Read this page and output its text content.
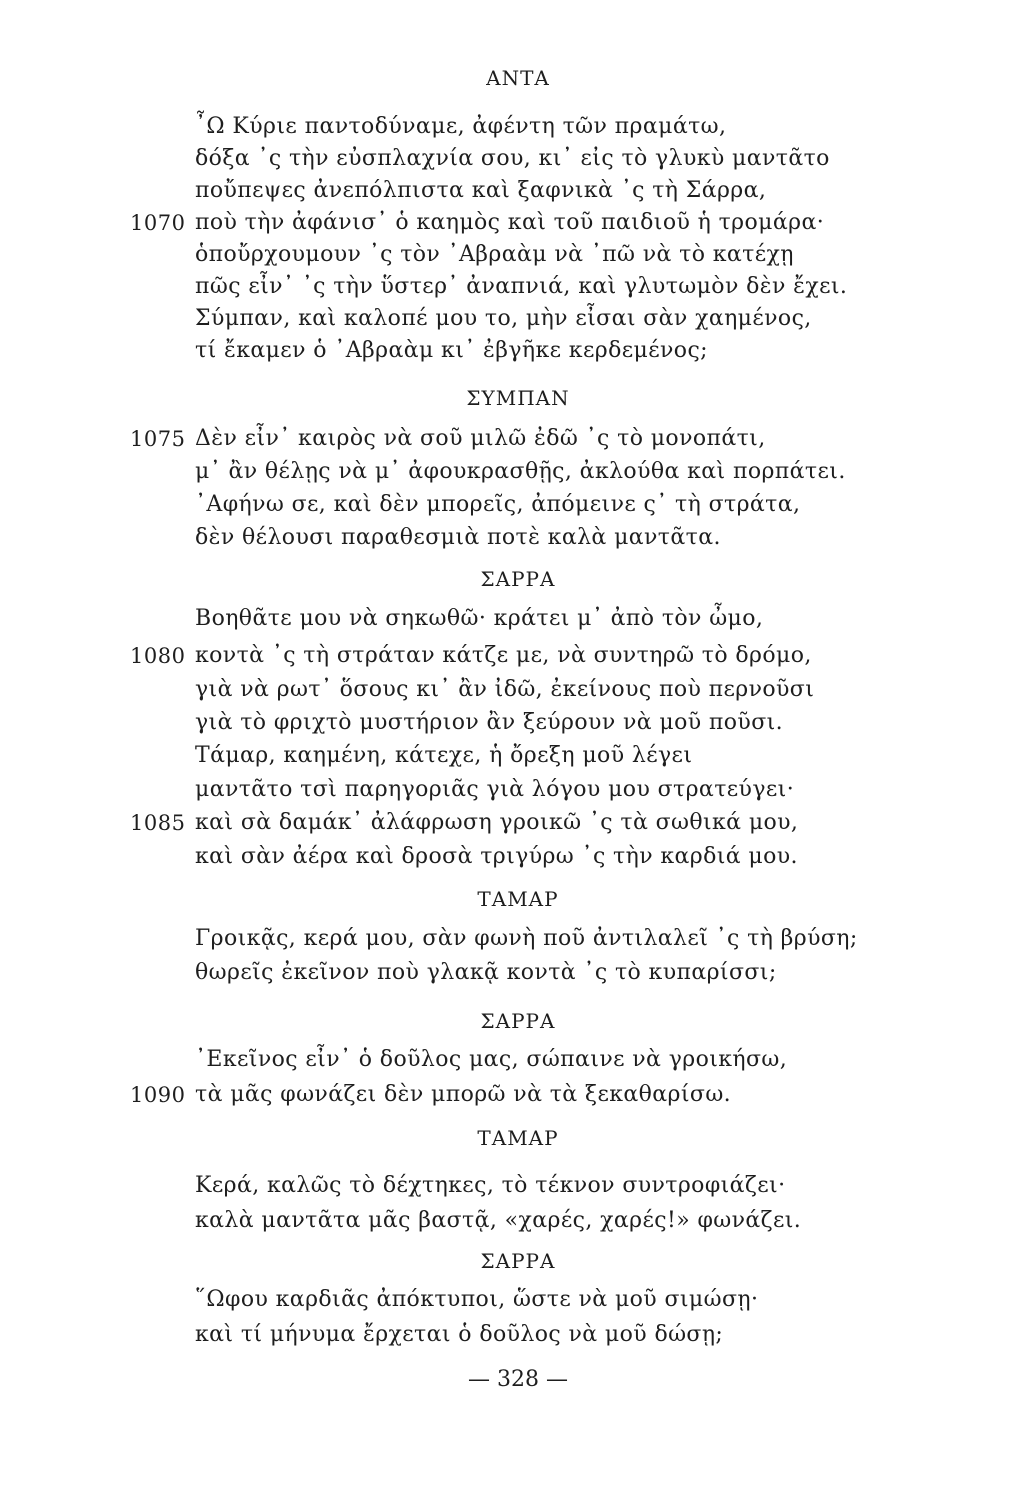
ΑΝΤΑ
῏Ω Κύριε παντοδύναμε, ἀφέντη τῶν πραμάτω,
δόξα ᾿ς τὴν εὐσπλαχνία σου, κι᾿ εἰς τὸ γλυκὺ μαντᾶτο
ποὔπεψες ἀνεπόλπιστα καὶ ξαφνικὰ ᾿ς τὴ Σάρρα,
1070 ποὺ τὴν ἀφάνισ᾿ ὁ καημὸς καὶ τοῦ παιδιοῦ ἡ τρομάρα·
ὁποὔρχουμουν ᾿ς τὸν ᾿Αβραὰμ νὰ ᾿πῶ νὰ τὸ κατέχῃ
πῶς εἶν᾿ ᾿ς τὴν ὕστερ᾿ ἀναπνιά, καὶ γλυτωμὸν δὲν ἔχει.
Σύμπαν, καὶ καλοπέ μου το, μὴν εἶσαι σὰν χαημένος,
τί ἔκαμεν ὁ ᾿Αβραὰμ κι᾿ ἐβγῆκε κερδεμένος;
ΣΥΜΠΑΝ
1075 Δὲν εἶν᾿ καιρὸς νὰ σοῦ μιλῶ ἐδῶ ᾿ς τὸ μονοπάτι,
μ᾿ ἂν θέλῃς νὰ μ᾿ ἀφουκρασθῇς, ἀκλούθα καὶ πορπάτει.
᾿Αφήνω σε, καὶ δὲν μπορεῖς, ἀπόμεινε ς᾿ τὴ στράτα,
δὲν θέλουσι παραθεσμιὰ ποτὲ καλὰ μαντᾶτα.
ΣΑΡΡΑ
Βοηθᾶτε μου νὰ σηκωθῶ· κράτει μ᾿ ἀπὸ τὸν ὦμο,
1080 κοντὰ ᾿ς τὴ στράταν κάτζε με, νὰ συντηρῶ τὸ δρόμο,
γιὰ νὰ ρωτ᾿ ὅσους κι᾿ ἂν ἰδῶ, ἐκείνους ποὺ περνοῦσι
γιὰ τὸ φριχτὸ μυστήριον ἂν ξεύρουν νὰ μοῦ ποῦσι.
Τάμαρ, καημένη, κάτεχε, ἡ ὄρεξη μοῦ λέγει
μαντᾶτο τσὶ παρηγοριᾶς γιὰ λόγου μου στρατεύγει·
1085 καὶ σὰ δαμάκ᾿ ἀλάφρωση γροικῶ ᾿ς τὰ σωθικά μου,
καὶ σὰν ἀέρα καὶ δροσὰ τριγύρω ᾿ς τὴν καρδιά μου.
ΤΑΜΑΡ
Γροικᾷς, κερά μου, σὰν φωνὴ ποῦ ἀντιλαλεῖ ᾿ς τὴ βρύση;
θωρεῖς ἐκεῖνον ποὺ γλακᾷ κοντὰ ᾿ς τὸ κυπαρίσσι;
ΣΑΡΡΑ
᾿Εκεῖνος εἶν᾿ ὁ δοῦλος μας, σώπαινε νὰ γροικήσω,
1090 τὰ μᾶς φωνάζει δὲν μπορῶ νὰ τὰ ξεκαθαρίσω.
ΤΑΜΑΡ
Κερά, καλῶς τὸ δέχτηκες, τὸ τέκνον συντροφιάζει·
καλὰ μαντᾶτα μᾶς βαστᾷ, «χαρές, χαρές!» φωνάζει.
ΣΑΡΡΑ
῞Ωφου καρδιᾶς ἀπόκτυποι, ὥστε νὰ μοῦ σιμώσῃ·
καὶ τί μήνυμα ἔρχεται ὁ δοῦλος νὰ μοῦ δώσῃ;
— 328 —
